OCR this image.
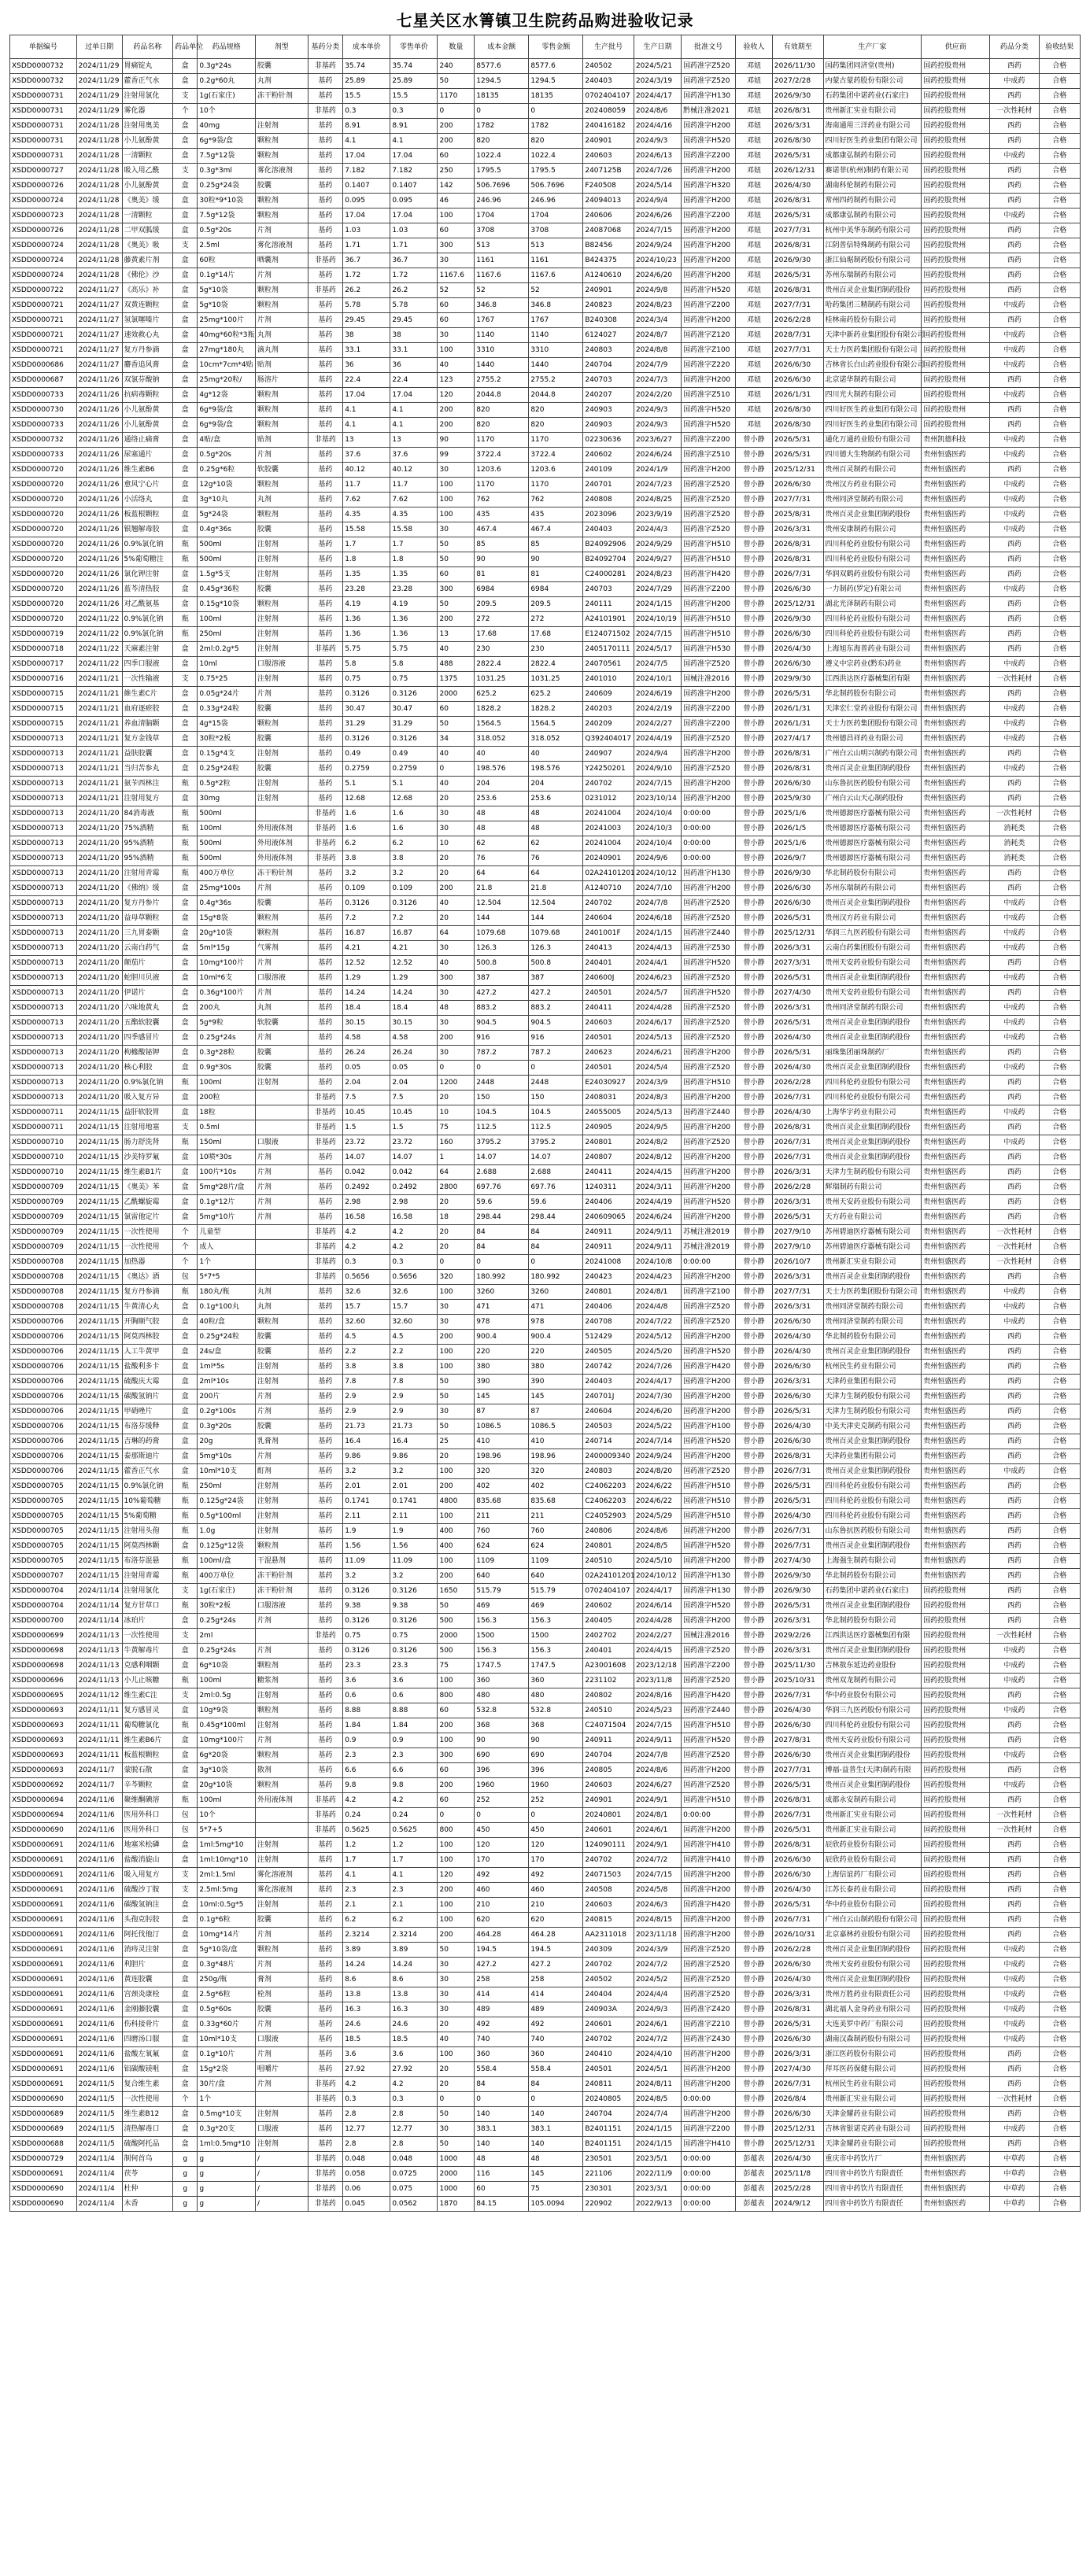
七星关区水箐镇卫生院药品购进验收记录
单据编号	过单日期	药品名称	药品单位	药品规格	剂型	基药分类	成本单价	零售单价	数量	成本金额	零售金额	生产批号	生产日期	批准文号	验收人	有效期至	生产厂家	供应商	药品分类	验收结果
XSDD0000732	2024/11/29	胃痛锭丸	盒	0.3g*24s	胶囊	非基药	35.74	35.74	240	8577.6	8577.6	240502	2024/5/21	国药准字Z520	邓妞	2026/11/30	国药集团同济堂(贵州)	国药控股贵州	西药	合格
XSDD0000732	2024/11/29	藿香正气水	盒	0.2g*60丸	丸剂	基药	25.89	25.89	50	1294.5	1294.5	240403	2024/3/19	国药准字Z520	邓妞	2027/2/28	内蒙古蒙药股份有限公司	国药控股贵州	中成药	合格
XSDD0000731	2024/11/29	注射用氯化	支	1g(石家庄)	冻干粉针剂	基药	15.5	15.5	1170	18135	18135	0702404107	2024/4/17	国药准字H130	邓妞	2026/9/30	石药集团中诺药业(石家庄)	国药控股贵州	西药	合格
XSDD0000731	2024/11/29	雾化器	个	10个		非基药	0.3	0.3	0	0	0	202408059	2024/8/6	黔械注准2021	邓妞	2026/8/31	贵州新汇实业有限公司	国药控股贵州	一次性耗材	合格
XSDD0000731	2024/11/28	注射用奥美	盒	40mg	注射剂	基药	8.91	8.91	200	1782	1782	240416182	2024/4/16	国药准字H200	邓妞	2026/3/31	海南通用三洋药业有限公司	国药控股贵州	西药	合格
XSDD0000731	2024/11/28	小儿氨酚黄	盒	6g*9袋/盒	颗粒剂	基药	4.1	4.1	200	820	820	240901	2024/9/3	国药准字H520	邓妞	2026/8/30	四川好医生药业集团有限公司	国药控股贵州	西药	合格
XSDD0000731	2024/11/28	一清颗粒	盒	7.5g*12袋	颗粒剂	基药	17.04	17.04	60	1022.4	1022.4	240603	2024/6/13	国药准字Z200	邓妞	2026/5/31	成都康弘制药有限公司	国药控股贵州	中成药	合格
XSDD0000727	2024/11/28	吸入用乙酰	支	0.3g*3ml	雾化溶液剂	基药	7.182	7.182	250	1795.5	1795.5	2407125B	2024/7/26	国药准字H200	邓妞	2026/12/31	赛诺菲(杭州)制药有限公司	国药控股贵州	西药	合格
XSDD0000726	2024/11/28	小儿氨酚黄	盒	0.25g*24袋	胶囊	基药	0.1407	0.1407	142	506.7696	506.7696	F240508	2024/5/14	国药准字H320	邓妞	2026/4/30	湖南科伦制药有限公司	国药控股贵州	西药	合格
XSDD0000724	2024/11/28	《奥美》缓	盒	30粒*9*10袋	颗粒剂	基药	0.095	0.095	46	246.96	246.96	24094013	2024/9/4	国药准字H200	邓妞	2026/8/31	常州四药制药有限公司	国药控股贵州	西药	合格
XSDD0000723	2024/11/28	一清颗粒	盒	7.5g*12袋	颗粒剂	基药	17.04	17.04	100	1704	1704	240606	2024/6/26	国药准字Z200	邓妞	2026/5/31	成都康弘制药有限公司	国药控股贵州	中成药	合格
XSDD0000726	2024/11/28	二甲双胍缓	盒	0.5g*20s	片剂	基药	1.03	1.03	60	3708	3708	24087068	2024/7/15	国药准字H200	邓妞	2027/7/31	杭州中美华东制药有限公司	国药控股贵州	西药	合格
XSDD0000724	2024/11/28	《奥美》吸	支	2.5ml	雾化溶液剂	基药	1.71	1.71	300	513	513	B82456	2024/9/24	国药准字H200	邓妞	2026/8/31	江阴普信特殊制药有限公司	国药控股贵州	西药	合格
XSDD0000724	2024/11/28	藤黄素片剂	盒	60粒	晒囊剂	非基药	36.7	36.7	30	1161	1161	B424375	2024/10/23	国药准字H200	邓妞	2026/9/30	浙江仙琚制药股份有限公司	国药控股贵州	西药	合格
XSDD0000724	2024/11/28	《佛伦》沙	盒	0.1g*14片	片剂	基药	1.72	1.72	1167.6	1167.6	1167.6	A1240610	2024/6/20	国药准字H200	邓妞	2026/5/31	苏州东瑞制药有限公司	国药控股贵州	西药	合格
XSDD0000722	2024/11/27	《高乐》补	盒	5g*10袋	颗粒剂	非基药	26.2	26.2	52	52	52	240901	2024/9/8	国药准字H520	邓妞	2026/8/31	贵州百灵企业集团制药股份	国药控股贵州	西药	合格
XSDD0000721	2024/11/27	双黄连颗粒	盒	5g*10袋	颗粒剂	基药	5.78	5.78	60	346.8	346.8	240823	2024/8/23	国药准字Z200	邓妞	2027/7/31	哈药集团三精制药有限公司	国药控股贵州	中成药	合格
XSDD0000721	2024/11/27	氢氯噻嗪片	盒	25mg*100片	片剂	基药	29.45	29.45	60	1767	1767	B240308	2024/3/4	国药准字H200	邓妞	2026/2/28	桂林南药股份有限公司	国药控股贵州	西药	合格
XSDD0000721	2024/11/27	速效救心丸	盒	40mg*60粒*3瓶	丸剂	基药	38	38	30	1140	1140	6124027	2024/8/7	国药准字Z120	邓妞	2028/7/31	天津中新药业集团股份有限公司	国药控股贵州	中成药	合格
XSDD0000721	2024/11/27	复方丹参滴	盒	27mg*180丸	滴丸剂	基药	33.1	33.1	100	3310	3310	240803	2024/8/8	国药准字Z100	邓妞	2027/7/31	天士力医药集团股份有限公司	国药控股贵州	中成药	合格
XSDD0000686	2024/11/27	麝香追风膏	盒	10cm*7cm*4贴	贴剂	基药	36	36	40	1440	1440	240704	2024/7/9	国药准字Z220	邓妞	2026/6/30	吉林省长白山药业股份有限公司	国药控股贵州	中成药	合格
XSDD0000687	2024/11/26	双氯芬酸钠	盒	25mg*20粒/	肠溶片	基药	22.4	22.4	123	2755.2	2755.2	240703	2024/7/3	国药准字H200	邓妞	2026/6/30	北京诺华制药有限公司	国药控股贵州	西药	合格
XSDD0000733	2024/11/26	抗病毒颗粒	盒	4g*12袋	颗粒剂	基药	17.04	17.04	120	2044.8	2044.8	240207	2024/2/20	国药准字Z510	邓妞	2026/1/31	四川光大制药有限公司	国药控股贵州	中成药	合格
XSDD0000730	2024/11/26	小儿氨酚黄	盒	6g*9袋/盒	颗粒剂	基药	4.1	4.1	200	820	820	240903	2024/9/3	国药准字H520	邓妞	2026/8/30	四川好医生药业集团有限公司	国药控股贵州	西药	合格
XSDD0000733	2024/11/26	小儿氨酚黄	盒	6g*9袋/盒	颗粒剂	基药	4.1	4.1	200	820	820	240903	2024/9/3	国药准字H520	邓妞	2026/8/30	四川好医生药业集团有限公司	国药控股贵州	西药	合格
XSDD0000732	2024/11/26	通络止痛膏	盒	4贴/盒	贴剂	非基药	13	13	90	1170	1170	02230636	2023/6/27	国药准字Z200	曾小静	2026/5/31	通化万通药业股份有限公司	贵州凯德科技	中成药	合格
XSDD0000733	2024/11/26	尿塞通片	盒	0.5g*20s	片剂	基药	37.6	37.6	99	3722.4	3722.4	240602	2024/6/24	国药准字Z510	曾小静	2026/5/31	四川德大生物制药有限公司	贵州恒盛医药	中成药	合格
XSDD0000720	2024/11/26	维生素B6	盒	0.25g*6粒	软胶囊	基药	40.12	40.12	30	1203.6	1203.6	240109	2024/1/9	国药准字H200	曾小静	2025/12/31	贵州百灵制药有限公司	贵州恒盛医药	西药	合格
XSDD0000720	2024/11/26	愈风宁心片	盒	12g*10袋	颗粒剂	基药	11.7	11.7	100	1170	1170	240701	2024/7/23	国药准字Z520	曾小静	2026/6/30	贵州汉方药业有限公司	贵州恒盛医药	中成药	合格
XSDD0000720	2024/11/26	小活络丸	盒	3g*10丸	丸剂	基药	7.62	7.62	100	762	762	240808	2024/8/25	国药准字Z520	曾小静	2027/7/31	贵州同济堂制药有限公司	贵州恒盛医药	中成药	合格
XSDD0000720	2024/11/26	板蓝根颗粒	盒	5g*24袋	颗粒剂	基药	4.35	4.35	100	435	435	2023096	2023/9/19	国药准字Z520	曾小静	2025/8/31	贵州百灵企业集团制药股份	贵州恒盛医药	中成药	合格
XSDD0000720	2024/11/26	银翘解毒胶	盒	0.4g*36s	胶囊	基药	15.58	15.58	30	467.4	467.4	240403	2024/4/3	国药准字Z520	曾小静	2026/3/31	贵州安康制药有限公司	贵州恒盛医药	中成药	合格
XSDD0000720	2024/11/26	0.9%氯化钠	瓶	500ml	注射剂	基药	1.7	1.7	50	85	85	B24092906	2024/9/29	国药准字H510	曾小静	2026/8/31	四川科伦药业股份有限公司	贵州恒盛医药	西药	合格
XSDD0000720	2024/11/26	5%葡萄糖注	瓶	500ml	注射剂	基药	1.8	1.8	50	90	90	B24092704	2024/9/27	国药准字H510	曾小静	2026/8/31	四川科伦药业股份有限公司	贵州恒盛医药	西药	合格
XSDD0000720	2024/11/26	氯化钾注射	盒	1.5g*5支	注射剂	基药	1.35	1.35	60	81	81	C24000281	2024/8/23	国药准字H420	曾小静	2026/7/31	华润双鹤药业股份有限公司	贵州恒盛医药	西药	合格
XSDD0000720	2024/11/26	蓝芩清热胶	盒	0.45g*36粒	胶囊	基药	23.28	23.28	300	6984	6984	240703	2024/7/29	国药准字Z200	曾小静	2026/6/30	一力制药(罗定)有限公司	贵州恒盛医药	中成药	合格
XSDD0000720	2024/11/26	对乙酰氨基	盒	0.15g*10袋	颗粒剂	基药	4.19	4.19	50	209.5	209.5	240111	2024/1/15	国药准字H200	曾小静	2025/12/31	湖北光泽制药有限公司	贵州恒盛医药	西药	合格
XSDD0000720	2024/11/22	0.9%氯化钠	瓶	100ml	注射剂	基药	1.36	1.36	200	272	272	A24101901	2024/10/19	国药准字H510	曾小静	2026/9/30	四川科伦药业股份有限公司	贵州恒盛医药	西药	合格
XSDD0000719	2024/11/22	0.9%氯化钠	瓶	250ml	注射剂	基药	1.36	1.36	13	17.68	17.68	E124071502	2024/7/15	国药准字H510	曾小静	2026/6/30	四川科伦药业股份有限公司	贵州恒盛医药	西药	合格
XSDD0000718	2024/11/22	天麻素注射	盒	2ml:0.2g*5	注射剂	非基药	5.75	5.75	40	230	230	2405170111	2024/5/17	国药准字H530	曾小静	2026/4/30	上海旭东海普药业有限公司	贵州恒盛医药	西药	合格
XSDD0000717	2024/11/22	四季口服液	盒	10ml	口服溶液	基药	5.8	5.8	488	2822.4	2822.4	24070561	2024/7/5	国药准字Z520	曾小静	2026/6/30	遵义中宗药业(黔东)药业	贵州恒盛医药	中成药	合格
XSDD0000716	2024/11/21	一次性输液	支	0.75*25	注射剂	基药	0.75	0.75	1375	1031.25	1031.25	2401010	2024/10/1	国械注准2016	曾小静	2029/9/30	江西洪达医疗器械集团有限	贵州恒盛医药	一次性耗材	合格
XSDD0000715	2024/11/21	維生素C片	盒	0.05g*24片	片剂	基药	0.3126	0.3126	2000	625.2	625.2	240609	2024/6/19	国药准字H200	曾小静	2026/5/31	华北制药股份有限公司	贵州恒盛医药	西药	合格
XSDD0000715	2024/11/21	血府逐瘀胶	盒	0.33g*24粒	胶囊	基药	30.47	30.47	60	1828.2	1828.2	240203	2024/2/19	国药准字Z200	曾小静	2026/1/31	天津宏仁堂药业股份有限公司	贵州恒盛医药	中成药	合格
XSDD0000715	2024/11/21	养血清脑颗	盒	4g*15袋	颗粒剂	基药	31.29	31.29	50	1564.5	1564.5	240209	2024/2/27	国药准字Z200	曾小静	2026/1/31	天士力医药集团股份有限公司	贵州恒盛医药	中成药	合格
XSDD0000713	2024/11/21	复方金钱草	盒	30粒*2板	胶囊	基药	0.3126	0.3126	34	318.052	318.052	Q392404017	2024/4/19	国药准字Z520	曾小静	2027/4/17	贵州德昌祥药业有限公司	贵州恒盛医药	中成药	合格
XSDD0000713	2024/11/21	益肤胶囊	盒	0.15g*4支	注射剂	基药	0.49	0.49	40	40	40	240907	2024/9/4	国药准字H200	曾小静	2026/8/31	广州白云山明兴制药有限公司	贵州恒盛医药	西药	合格
XSDD0000713	2024/11/21	当归苦参丸	盒	0.25g*24粒	胶囊	基药	0.2759	0.2759	0	198.576	198.576	Y24250201	2024/9/10	国药准字Z520	曾小静	2026/8/31	贵州百灵企业集团制药股份	贵州恒盛医药	中成药	合格
XSDD0000713	2024/11/21	氨苄西林注	瓶	0.5g*2粒	注射剂	基药	5.1	5.1	40	204	204	240702	2024/7/15	国药准字H200	曾小静	2026/6/30	山东鲁抗医药股份有限公司	贵州恒盛医药	西药	合格
XSDD0000713	2024/11/21	注射用复方	盒	30mg	注射剂	基药	12.68	12.68	20	253.6	253.6	0231012	2023/10/14	国药准字H200	曾小静	2025/9/30	广州白云山天心制药股份	贵州恒盛医药	西药	合格
XSDD0000713	2024/11/20	84消毒液	瓶	500ml		非基药	1.6	1.6	30	48	48	20241004	2024/10/4	0:00:00	曾小静	2025/1/6	贵州德源医疗器械有限公司	贵州恒盛医药	一次性耗材	合格
XSDD0000713	2024/11/20	75%酒精	瓶	100ml	外用液体剂	非基药	1.6	1.6	30	48	48	20241003	2024/10/3	0:00:00	曾小静	2026/1/5	贵州德源医疗器械有限公司	贵州恒盛医药	消耗类	合格
XSDD0000713	2024/11/20	95%酒精	瓶	500ml	外用液体剂	非基药	6.2	6.2	10	62	62	20241004	2024/10/4	0:00:00	曾小静	2025/1/6	贵州德源医疗器械有限公司	贵州恒盛医药	消耗类	合格
XSDD0000713	2024/11/20	95%酒精	瓶	500ml	外用液体剂	非基药	3.8	3.8	20	76	76	20240901	2024/9/6	0:00:00	曾小静	2026/9/7	贵州德源医疗器械有限公司	贵州恒盛医药	消耗类	合格
XSDD0000713	2024/11/20	注射用青霉	瓶	400万单位	冻干粉针剂	基药	3.2	3.2	20	64	64	02A24101201	2024/10/12	国药准字H130	曾小静	2026/9/30	华北制药股份有限公司	贵州恒盛医药	西药	合格
XSDD0000713	2024/11/20	《佛纳》缓	盒	25mg*100s	片剂	基药	0.109	0.109	200	21.8	21.8	A1240710	2024/7/10	国药准字H200	曾小静	2026/6/30	苏州东瑞制药有限公司	贵州恒盛医药	西药	合格
XSDD0000713	2024/11/20	复方丹参片	盒	0.4g*36s	胶囊	基药	0.3126	0.3126	40	12.504	12.504	240702	2024/7/8	国药准字Z520	曾小静	2026/6/30	贵州百灵企业集团制药股份	贵州恒盛医药	中成药	合格
XSDD0000713	2024/11/20	益母草颗粒	盒	15g*8袋	颗粒剂	基药	7.2	7.2	20	144	144	240604	2024/6/18	国药准字Z520	曾小静	2026/5/31	贵州汉方药业有限公司	贵州恒盛医药	中成药	合格
XSDD0000713	2024/11/20	三九胃泰颗	盒	20g*10袋	颗粒剂	基药	16.87	16.87	64	1079.68	1079.68	2401001F	2024/1/15	国药准字Z440	曾小静	2025/12/31	华润三九医药股份有限公司	贵州恒盛医药	中成药	合格
XSDD0000713	2024/11/20	云南白药气	盒	5ml*15g	气雾剂	基药	4.21	4.21	30	126.3	126.3	240413	2024/4/13	国药准字Z530	曾小静	2026/3/31	云南白药集团股份有限公司	贵州恒盛医药	中成药	合格
XSDD0000713	2024/11/20	颠茄片	盒	10mg*100片	片剂	基药	12.52	12.52	40	500.8	500.8	240401	2024/4/1	国药准字H520	曾小静	2027/3/31	贵州天安药业股份有限公司	贵州恒盛医药	西药	合格
XSDD0000713	2024/11/20	蛇胆川贝液	盒	10ml*6支	口服溶液	基药	1.29	1.29	300	387	387	240600J	2024/6/23	国药准字Z520	曾小静	2026/5/31	贵州百灵企业集团制药股份	贵州恒盛医药	中成药	合格
XSDD0000713	2024/11/20	伊诺片	盒	0.36g*100片	片剂	基药	14.24	14.24	30	427.2	427.2	240501	2024/5/7	国药准字H520	曾小静	2027/4/30	贵州天安药业股份有限公司	贵州恒盛医药	西药	合格
XSDD0000713	2024/11/20	六味地黄丸	盒	200丸	丸剂	基药	18.4	18.4	48	883.2	883.2	240411	2024/4/28	国药准字Z520	曾小静	2026/3/31	贵州同济堂制药有限公司	贵州恒盛医药	中成药	合格
XSDD0000713	2024/11/20	五酯软胶囊	盒	5g*9粒	软胶囊	基药	30.15	30.15	30	904.5	904.5	240603	2024/6/17	国药准字Z520	曾小静	2026/5/31	贵州百灵企业集团制药股份	贵州恒盛医药	中成药	合格
XSDD0000713	2024/11/20	四季感冒片	盒	0.25g*24s	片剂	基药	4.58	4.58	200	916	916	240501	2024/5/13	国药准字Z520	曾小静	2026/4/30	贵州百灵企业集团制药股份	贵州恒盛医药	中成药	合格
XSDD0000713	2024/11/20	枸橼酸铋钾	盒	0.3g*28粒	胶囊	基药	26.24	26.24	30	787.2	787.2	240623	2024/6/21	国药准字H200	曾小静	2026/5/31	丽珠集团丽珠制药厂	贵州恒盛医药	西药	合格
XSDD0000713	2024/11/20	核心利胶	盒	0.9g*30s	胶囊	基药	0.05	0.05	0	0	0	240501	2024/5/4	国药准字Z520	曾小静	2026/4/30	贵州百灵企业集团制药股份	贵州恒盛医药	中成药	合格
XSDD0000713	2024/11/20	0.9%氯化钠	瓶	100ml	注射剂	基药	2.04	2.04	1200	2448	2448	E24030927	2024/3/9	国药准字H510	曾小静	2026/2/28	四川科伦药业股份有限公司	贵州恒盛医药	西药	合格
XSDD0000713	2024/11/20	吸入复方异	盒	200粒		非基药	7.5	7.5	20	150	150	2408031	2024/8/3	国药准字H200	曾小静	2026/7/31	四川科伦药业股份有限公司	贵州恒盛医药	西药	合格
XSDD0000711	2024/11/15	益肝软胶胃	盒	18粒		非基药	10.45	10.45	10	104.5	104.5	24055005	2024/5/13	国药准字Z440	曾小静	2026/4/30	上海华宇药业有限公司	贵州恒盛医药	中成药	合格
XSDD0000711	2024/11/15	注射用地塞	支	0.5ml		非基药	1.5	1.5	75	112.5	112.5	240905	2024/9/5	国药准字H200	曾小静	2026/8/31	贵州百灵企业集团制药股份	贵州恒盛医药	西药	合格
XSDD0000710	2024/11/15	肠力舒洗肾	瓶	150ml	口服液	非基药	23.72	23.72	160	3795.2	3795.2	240801	2024/8/2	国药准字Z520	曾小静	2026/7/31	贵州百灵企业集团制药股份	贵州恒盛医药	中成药	合格
XSDD0000710	2024/11/15	沙美特罗氟	盒	10喷*30s	片剂	基药	14.07	14.07	1	14.07	14.07	240807	2024/8/12	国药准字H200	曾小静	2026/7/31	贵州百灵企业集团制药股份	贵州恒盛医药	西药	合格
XSDD0000710	2024/11/15	维生素B1片	盒	100片*10s	片剂	基药	0.042	0.042	64	2.688	2.688	240411	2024/4/15	国药准字H200	曾小静	2026/3/31	天津力生制药股份有限公司	贵州恒盛医药	西药	合格
XSDD0000709	2024/11/15	《奥美》苯	盒	5mg*28片/盒	片剂	基药	0.2492	0.2492	2800	697.76	697.76	1240311	2024/3/11	国药准字H200	曾小静	2026/2/28	辉瑞制药有限公司	贵州恒盛医药	西药	合格
XSDD0000709	2024/11/15	乙酰螺旋霉	盒	0.1g*12片	片剂	基药	2.98	2.98	20	59.6	59.6	240406	2024/4/19	国药准字H520	曾小静	2026/3/31	贵州天安药业股份有限公司	贵州恒盛医药	西药	合格
XSDD0000709	2024/11/15	氯雷他定片	盒	5mg*10片	片剂	基药	16.58	16.58	18	298.44	298.44	240609065	2024/6/24	国药准字H200	曾小静	2026/5/31	天方药业有限公司	贵州恒盛医药	西药	合格
XSDD0000709	2024/11/15	一次性使用	个	儿童型		非基药	4.2	4.2	20	84	84	240911	2024/9/11	苏械注准2019	曾小静	2027/9/10	苏州碧迪医疗器械有限公司	贵州恒盛医药	一次性耗材	合格
XSDD0000709	2024/11/15	一次性使用	个	成人		非基药	4.2	4.2	20	84	84	240911	2024/9/11	苏械注准2019	曾小静	2027/9/10	苏州碧迪医疗器械有限公司	贵州恒盛医药	一次性耗材	合格
XSDD0000708	2024/11/15	加热器	个	1个		非基药	0.3	0.3	0	0	0	20241008	2024/10/8	0:00:00	曾小静	2026/10/7	贵州新汇实业有限公司	贵州恒盛医药	一次性耗材	合格
XSDD0000708	2024/11/15	《奥达》酒	包	5*7*5		非基药	0.5656	0.5656	320	180.992	180.992	240423	2024/4/23	国药准字H200	曾小静	2026/3/31	贵州百灵企业集团制药股份	贵州恒盛医药	西药	合格
XSDD0000708	2024/11/15	复方丹参滴	瓶	180丸/瓶	丸剂	基药	32.6	32.6	100	3260	3260	240801	2024/8/1	国药准字Z100	曾小静	2027/7/31	天士力医药集团股份有限公司	贵州恒盛医药	中成药	合格
XSDD0000708	2024/11/15	牛黄清心丸	盒	0.1g*100丸	丸剂	基药	15.7	15.7	30	471	471	240406	2024/4/8	国药准字Z520	曾小静	2026/3/31	贵州同济堂制药有限公司	贵州恒盛医药	中成药	合格
XSDD0000706	2024/11/15	开胸顺气胶	盒	40粒/盒	颗粒剂	基药	32.60	32.60	30	978	978	240708	2024/7/22	国药准字Z520	曾小静	2026/6/30	贵州同济堂制药有限公司	贵州恒盛医药	中成药	合格
XSDD0000706	2024/11/15	阿莫西林胶	盒	0.25g*24粒	胶囊	基药	4.5	4.5	200	900.4	900.4	512429	2024/5/12	国药准字H200	曾小静	2026/4/30	华北制药股份有限公司	贵州恒盛医药	西药	合格
XSDD0000706	2024/11/15	人工牛黄甲	盒	24s/盒	胶囊	基药	2.2	2.2	100	220	220	240505	2024/5/20	国药准字H520	曾小静	2026/4/30	贵州百灵企业集团制药股份	贵州恒盛医药	西药	合格
XSDD0000706	2024/11/15	盐酸利多卡	盒	1ml*5s	注射剂	基药	3.8	3.8	100	380	380	240742	2024/7/26	国药准字H420	曾小静	2026/6/30	杭州民生药业有限公司	贵州恒盛医药	西药	合格
XSDD0000706	2024/11/15	硫酸庆大霉	盒	2ml*10s	注射剂	基药	7.8	7.8	50	390	390	240403	2024/4/17	国药准字H200	曾小静	2026/3/31	天津药业集团有限公司	贵州恒盛医药	西药	合格
XSDD0000706	2024/11/15	碳酸氢钠片	盒	200片	片剂	基药	2.9	2.9	50	145	145	240701J	2024/7/30	国药准字H200	曾小静	2026/6/30	天津力生制药股份有限公司	贵州恒盛医药	西药	合格
XSDD0000706	2024/11/15	甲硝唑片	盒	0.2g*100s	片剂	基药	2.9	2.9	30	87	87	240604	2024/6/20	国药准字H200	曾小静	2026/5/31	天津力生制药股份有限公司	贵州恒盛医药	西药	合格
XSDD0000706	2024/11/15	布洛芬缓释	盒	0.3g*20s	胶囊	基药	21.73	21.73	50	1086.5	1086.5	240503	2024/5/22	国药准字H100	曾小静	2026/4/30	中美天津史克制药有限公司	贵州恒盛医药	西药	合格
XSDD0000706	2024/11/15	吉琳的药膏	盒	20g	乳膏剂	基药	16.4	16.4	25	410	410	240714	2024/7/14	国药准字H520	曾小静	2026/6/30	贵州百灵企业集团制药股份	贵州恒盛医药	西药	合格
XSDD0000706	2024/11/15	泰那斯迪片	盒	5mg*10s	片剂	基药	9.86	9.86	20	198.96	198.96	2400009340	2024/9/24	国药准字H200	曾小静	2026/8/31	天津药业集团有限公司	贵州恒盛医药	西药	合格
XSDD0000706	2024/11/15	藿香正气水	盒	10ml*10支	酊剂	基药	3.2	3.2	100	320	320	240803	2024/8/20	国药准字Z520	曾小静	2026/7/31	贵州百灵企业集团制药股份	贵州恒盛医药	中成药	合格
XSDD0000705	2024/11/15	0.9%氯化钠	瓶	250ml	注射剂	基药	2.01	2.01	200	402	402	C24062203	2024/6/22	国药准字H510	曾小静	2026/5/31	四川科伦药业股份有限公司	贵州恒盛医药	西药	合格
XSDD0000705	2024/11/15	10%葡萄糖	瓶	0.125g*24袋	注射剂	基药	0.1741	0.1741	4800	835.68	835.68	C24062203	2024/6/22	国药准字H510	曾小静	2026/5/31	四川科伦药业股份有限公司	贵州恒盛医药	西药	合格
XSDD0000705	2024/11/15	5%葡萄糖	瓶	0.5g*100ml	注射剂	基药	2.11	2.11	100	211	211	C24052903	2024/5/29	国药准字H510	曾小静	2026/4/30	四川科伦药业股份有限公司	贵州恒盛医药	西药	合格
XSDD0000705	2024/11/15	注射用头孢	瓶	1.0g	注射剂	基药	1.9	1.9	400	760	760	240806	2024/8/6	国药准字H200	曾小静	2026/7/31	山东鲁抗医药股份有限公司	贵州恒盛医药	西药	合格
XSDD0000705	2024/11/15	阿莫西林颗	盒	0.125g*12袋	颗粒剂	基药	1.56	1.56	400	624	624	240801	2024/8/5	国药准字H520	曾小静	2026/7/31	贵州百灵企业集团制药股份	贵州恒盛医药	西药	合格
XSDD0000705	2024/11/15	布洛芬混悬	瓶	100ml/盒	干混悬剂	基药	11.09	11.09	100	1109	1109	240510	2024/5/10	国药准字H200	曾小静	2027/4/30	上海强生制药有限公司	贵州恒盛医药	西药	合格
XSDD0000707	2024/11/15	注射用青霉	瓶	400万单位	冻干粉针剂	基药	3.2	3.2	200	640	640	02A24101201	2024/10/12	国药准字H130	曾小静	2026/9/30	华北制药股份有限公司	贵州恒盛医药	西药	合格
XSDD0000704	2024/11/14	注射用氯化	支	1g(石家庄)	冻干粉针剂	基药	0.3126	0.3126	1650	515.79	515.79	0702404107	2024/4/17	国药准字H130	曾小静	2026/9/30	石药集团中诺药业(石家庄)	国药控股贵州	西药	合格
XSDD0000704	2024/11/14	复方甘草口	瓶	30粒*2板	口服溶液	基药	9.38	9.38	50	469	469	240602	2024/6/14	国药准字H520	曾小静	2026/5/31	贵州百灵企业集团制药股份	国药控股贵州	西药	合格
XSDD0000700	2024/11/14	冰珀片	盒	0.25g*24s	片剂	基药	0.3126	0.3126	500	156.3	156.3	240405	2024/4/28	国药准字H200	曾小静	2026/3/31	华北制药股份有限公司	国药控股贵州	西药	合格
XSDD0000699	2024/11/13	一次性使用	支	2ml		非基药	0.75	0.75	2000	1500	1500	2402702	2024/2/27	国械注准2016	曾小静	2029/2/26	江西洪达医疗器械集团有限	国药控股贵州	一次性耗材	合格
XSDD0000698	2024/11/13	牛黄解毒片	盒	0.25g*24s	片剂	基药	0.3126	0.3126	500	156.3	156.3	240401	2024/4/15	国药准字Z520	曾小静	2026/3/31	贵州百灵企业集团制药股份	国药控股贵州	中成药	合格
XSDD0000698	2024/11/13	克感利咽颗	盒	6g*10袋	颗粒剂	基药	23.3	23.3	75	1747.5	1747.5	A23001608	2023/12/18	国药准字Z200	曾小静	2025/11/30	吉林敖东延边药业股份	国药控股贵州	中成药	合格
XSDD0000696	2024/11/13	小儿止咳糖	瓶	100ml	糖浆剂	基药	3.6	3.6	100	360	360	2231102	2023/11/8	国药准字Z520	曾小静	2025/10/31	贵州双龙制药有限公司	国药控股贵州	中成药	合格
XSDD0000695	2024/11/12	维生素C注	支	2ml:0.5g	注射剂	基药	0.6	0.6	800	480	480	240802	2024/8/16	国药准字H420	曾小静	2026/7/31	华中药业股份有限公司	国药控股贵州	西药	合格
XSDD0000693	2024/11/11	复方感冒灵	盒	10g*9袋	颗粒剂	基药	8.88	8.88	60	532.8	532.8	240510	2024/5/23	国药准字Z440	曾小静	2026/4/30	华润三九医药股份有限公司	国药控股贵州	中成药	合格
XSDD0000693	2024/11/11	葡萄糖氯化	瓶	0.45g*100ml	注射剂	基药	1.84	1.84	200	368	368	C24071504	2024/7/15	国药准字H510	曾小静	2026/6/30	四川科伦药业股份有限公司	国药控股贵州	西药	合格
XSDD0000693	2024/11/11	维生素B6片	盒	10mg*100片	片剂	基药	0.9	0.9	100	90	90	240911	2024/9/11	国药准字H520	曾小静	2027/8/31	贵州天安药业股份有限公司	国药控股贵州	西药	合格
XSDD0000693	2024/11/11	板蓝根颗粒	盒	6g*20袋	颗粒剂	基药	2.3	2.3	300	690	690	240704	2024/7/8	国药准字Z520	曾小静	2026/6/30	贵州百灵企业集团制药股份	国药控股贵州	中成药	合格
XSDD0000693	2024/11/7	蒙脱石散	盒	3g*10袋	散剂	基药	6.6	6.6	60	396	396	240805	2024/8/6	国药准字H200	曾小静	2027/7/31	博福-益普生(天津)制药有限	国药控股贵州	西药	合格
XSDD0000692	2024/11/7	辛芩颗粒	盒	20g*10袋	颗粒剂	基药	9.8	9.8	200	1960	1960	240603	2024/6/27	国药准字Z520	曾小静	2026/5/31	贵州百灵企业集团制药股份	国药控股贵州	中成药	合格
XSDD0000694	2024/11/6	聚维酮碘溶	瓶	100ml	外用液体剂	非基药	4.2	4.2	60	252	252	240901	2024/9/1	国药准字H510	曾小静	2026/8/31	成都永安制药有限公司	国药控股贵州	西药	合格
XSDD0000694	2024/11/6	医用外科口	包	10个		非基药	0.24	0.24	0	0	0	20240801	2024/8/1	0:00:00	曾小静	2026/7/31	贵州新汇实业有限公司	国药控股贵州	一次性耗材	合格
XSDD0000690	2024/11/6	医用外科口	包	5*7+5		非基药	0.5625	0.5625	800	450	450	240601	2024/6/1	国药准字H200	曾小静	2026/5/31	贵州新汇实业有限公司	国药控股贵州	一次性耗材	合格
XSDD0000691	2024/11/6	地塞米松磷	盒	1ml:5mg*10	注射剂	基药	1.2	1.2	100	120	120	124090111	2024/9/1	国药准字H410	曾小静	2026/8/31	辰欣药业股份有限公司	国药控股贵州	西药	合格
XSDD0000691	2024/11/6	盐酸消旋山	盒	1ml:10mg*10	注射剂	基药	1.7	1.7	100	170	170	240702	2024/7/2	国药准字H410	曾小静	2026/6/30	辰欣药业股份有限公司	国药控股贵州	西药	合格
XSDD0000691	2024/11/6	吸入用复方	支	2ml:1.5ml	雾化溶液剂	基药	4.1	4.1	120	492	492	24071503	2024/7/15	国药准字H200	曾小静	2026/6/30	上海信谊药厂有限公司	国药控股贵州	西药	合格
XSDD0000691	2024/11/6	硫酸沙丁胺	支	2.5ml:5mg	雾化溶液剂	基药	2.3	2.3	200	460	460	240508	2024/5/8	国药准字H200	曾小静	2026/4/30	江苏长泰药业有限公司	国药控股贵州	西药	合格
XSDD0000691	2024/11/6	碳酸氢钠注	盒	10ml:0.5g*5	注射剂	基药	2.1	2.1	100	210	210	240603	2024/6/3	国药准字H420	曾小静	2026/5/31	华中药业股份有限公司	国药控股贵州	西药	合格
XSDD0000691	2024/11/6	头孢克肟胶	盒	0.1g*6粒	胶囊	基药	6.2	6.2	100	620	620	240815	2024/8/15	国药准字H200	曾小静	2026/7/31	广州白云山制药股份有限公司	国药控股贵州	西药	合格
XSDD0000691	2024/11/6	阿托伐他汀	盒	10mg*14片	片剂	基药	2.3214	2.3214	200	464.28	464.28	AA2311018	2023/11/18	国药准字H200	曾小静	2026/10/31	北京嘉林药业股份有限公司	国药控股贵州	西药	合格
XSDD0000691	2024/11/6	消痔灵注射	盒	5g*10袋/盒	颗粒剂	基药	3.89	3.89	50	194.5	194.5	240309	2024/3/9	国药准字Z520	曾小静	2026/2/28	贵州百灵企业集团制药股份	国药控股贵州	中成药	合格
XSDD0000691	2024/11/6	利胆片	盒	0.3g*48片	片剂	基药	14.24	14.24	30	427.2	427.2	240702	2024/7/2	国药准字Z520	曾小静	2026/6/30	贵州天安药业股份有限公司	国药控股贵州	中成药	合格
XSDD0000691	2024/11/6	黄连胶囊	盒	250g/瓶	膏剂	基药	8.6	8.6	30	258	258	240502	2024/5/2	国药准字Z520	曾小静	2026/4/30	贵州百灵企业集团制药股份	国药控股贵州	中成药	合格
XSDD0000691	2024/11/6	宫颈炎康栓	盒	2.5g*6粒	栓剂	基药	13.8	13.8	30	414	414	240404	2024/4/4	国药准字Z520	曾小静	2026/3/31	贵州万胜药业有限责任公司	国药控股贵州	中成药	合格
XSDD0000691	2024/11/6	金刚藤胶囊	盒	0.5g*60s	胶囊	基药	16.3	16.3	30	489	489	240903A	2024/9/3	国药准字Z420	曾小静	2026/8/31	湖北福人金身药业有限公司	国药控股贵州	中成药	合格
XSDD0000691	2024/11/6	伤科接骨片	盒	0.33g*60片	片剂	基药	24.6	24.6	20	492	492	240601	2024/6/1	国药准字Z210	曾小静	2026/5/31	大连美罗中药厂有限公司	国药控股贵州	中成药	合格
XSDD0000691	2024/11/6	四磨汤口服	盒	10ml*10支	口服液	基药	18.5	18.5	40	740	740	240702	2024/7/2	国药准字Z430	曾小静	2026/6/30	湖南汉森制药股份有限公司	国药控股贵州	中成药	合格
XSDD0000691	2024/11/6	盐酸左氧氟	盒	0.1g*10片	片剂	基药	3.6	3.6	100	360	360	240410	2024/4/10	国药准字H200	曾小静	2026/3/31	浙江医药股份有限公司	国药控股贵州	西药	合格
XSDD0000691	2024/11/6	铝碳酸镁咀	盒	15g*2袋	咀嚼片	基药	27.92	27.92	20	558.4	558.4	240501	2024/5/1	国药准字H200	曾小静	2027/4/30	拜耳医药保健有限公司	国药控股贵州	西药	合格
XSDD0000691	2024/11/5	复合维生素	盒	30片/盒	片剂	非基药	4.2	4.2	20	84	84	240811	2024/8/11	国药准字H200	曾小静	2026/7/31	杭州民生药业有限公司	国药控股贵州	西药	合格
XSDD0000690	2024/11/5	一次性使用	个	1个		非基药	0.3	0.3	0	0	0	20240805	2024/8/5	0:00:00	曾小静	2026/8/4	贵州新汇实业有限公司	国药控股贵州	一次性耗材	合格
XSDD0000689	2024/11/5	维生素B12	盒	0.5mg*10支	注射剂	基药	2.8	2.8	50	140	140	240704	2024/7/4	国药准字H200	曾小静	2026/6/30	天津金耀药业有限公司	国药控股贵州	西药	合格
XSDD0000689	2024/11/5	清热解毒口	盒	0.3g*20支	口服液	基药	12.77	12.77	30	383.1	383.1	B2401151	2024/1/15	国药准字Z200	曾小静	2025/12/31	吉林省银诺克药业有限公司	国药控股贵州	中成药	合格
XSDD0000688	2024/11/5	硫酸阿托品	盒	1ml:0.5mg*10	注射剂	基药	2.8	2.8	50	140	140	B2401151	2024/1/15	国药准字H410	曾小静	2025/12/31	天津金耀药业有限公司	国药控股贵州	西药	合格
XSDD0000729	2024/11/4	制何首乌	g	g	/	非基药	0.048	0.048	1000	48	48	230501	2023/5/1	0:00:00	彭蕴表	2026/4/30	重庆市中药饮片厂	贵州恒盛医药	中草药	合格
XSDD0000691	2024/11/4	茯苓	g	g	/	非基药	0.058	0.0725	2000	116	145	221106	2022/11/9	0:00:00	彭蕴表	2025/11/8	四川省中药饮片有限责任	贵州恒盛医药	中草药	合格
XSDD0000690	2024/11/4	杜仲	g	g	/	非基药	0.06	0.075	1000	60	75	230301	2023/3/1	0:00:00	彭蕴表	2025/2/28	四川省中药饮片有限责任	贵州恒盛医药	中草药	合格
XSDD0000690	2024/11/4	木香	g	g	/	非基药	0.045	0.0562	1870	84.15	105.0094	220902	2022/9/13	0:00:00	彭蕴表	2024/9/12	四川省中药饮片有限责任	贵州恒盛医药	中草药	合格
